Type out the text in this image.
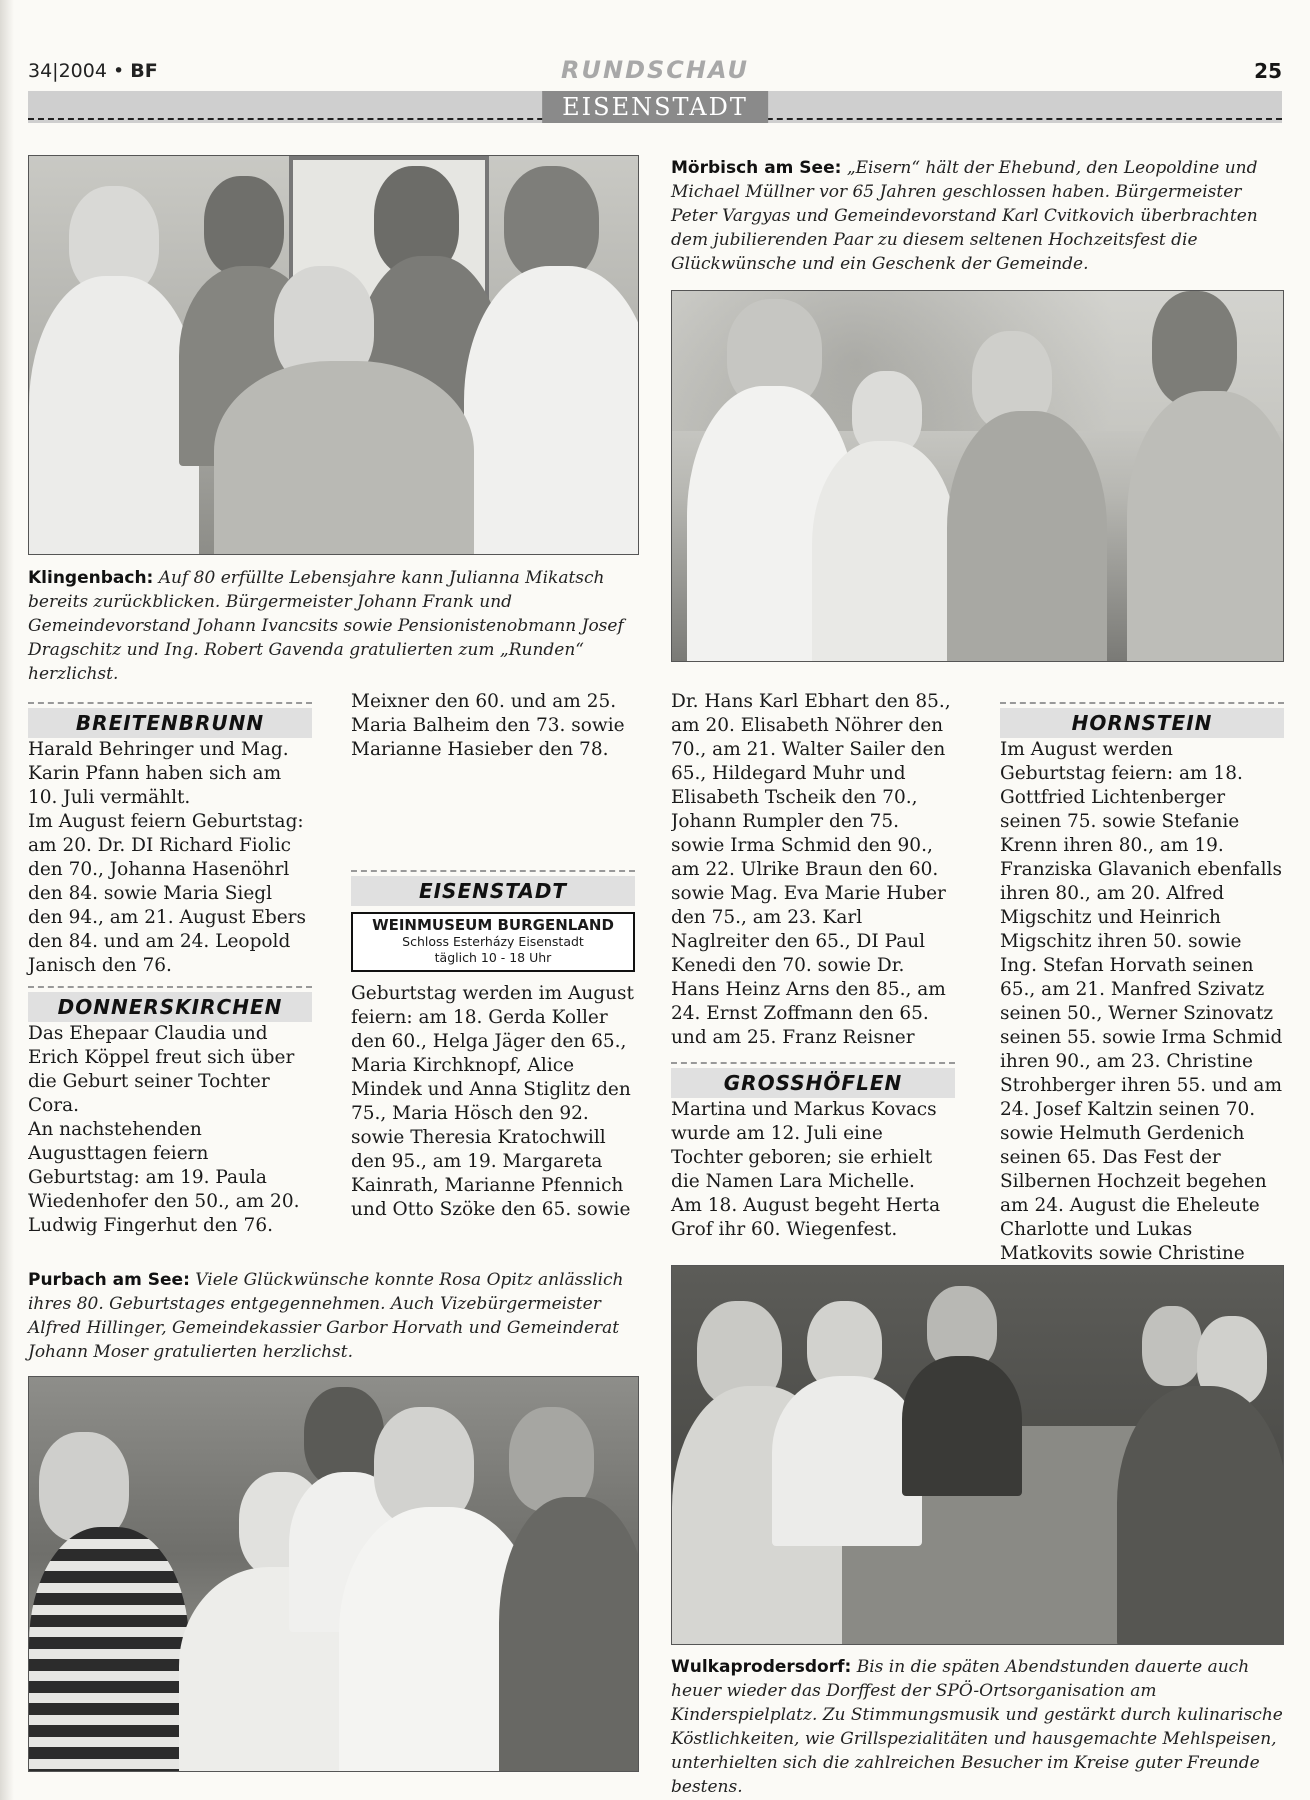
34|2004 • BF	RUNDSCHAU	25
EISENSTADT
Klingenbach: Auf 80 erfüllte Lebensjahre kann Julianna Mikatsch bereits zurückblicken. Bürgermeister Johann Frank und Gemeindevorstand Johann Ivancsits sowie Pensionistenobmann Josef Dragschitz und Ing. Robert Gavenda gratulierten zum „Runden“ herzlichst.
Mörbisch am See: „Eisern“ hält der Ehebund, den Leopoldine und Michael Müllner vor 65 Jahren geschlossen haben. Bürgermeister Peter Vargyas und Gemeindevorstand Karl Cvitkovich überbrachten dem jubilierenden Paar zu diesem seltenen Hochzeitsfest die Glückwünsche und ein Geschenk der Gemeinde.
BREITENBRUNN

Harald Behringer und Mag. Karin Pfann haben sich am 10. Juli vermählt.

Im August feiern Geburtstag: am 20. Dr. DI Richard Fiolic den 70., Johanna Hasenöhrl den 84. sowie Maria Siegl den 94., am 21. August Ebers den 84. und am 24. Leopold Janisch den 76.

DONNERSKIRCHEN

Das Ehepaar Claudia und Erich Köppel freut sich über die Geburt seiner Tochter Cora.

An nachstehenden Augusttagen feiern Geburtstag: am 19. Paula Wiedenhofer den 50., am 20. Ludwig Fingerhut den 76.

Meixner den 60. und am 25. Maria Balheim den 73. sowie Marianne Hasieber den 78.

EISENSTADT
WEINMUSEUM BURGENLAND
Schloss Esterházy Eisenstadt
täglich 10 - 18 Uhr

Geburtstag werden im August feiern: am 18. Gerda Koller den 60., Helga Jäger den 65., Maria Kirchknopf, Alice Mindek und Anna Stiglitz den 75., Maria Hösch den 92. sowie Theresia Kratochwill den 95., am 19. Margareta Kainrath, Marianne Pfennich und Otto Szöke den 65. sowie

Dr. Hans Karl Ebhart den 85., am 20. Elisabeth Nöhrer den 70., am 21. Walter Sailer den 65., Hildegard Muhr und Elisabeth Tscheik den 70., Johann Rumpler den 75. sowie Irma Schmid den 90., am 22. Ulrike Braun den 60. sowie Mag. Eva Marie Huber den 75., am 23. Karl Naglreiter den 65., DI Paul Kenedi den 70. sowie Dr. Hans Heinz Arns den 85., am 24. Ernst Zoffmann den 65. und am 25. Franz Reisner

GROSSHÖFLEN

Martina und Markus Kovacs wurde am 12. Juli eine Tochter geboren; sie erhielt die Namen Lara Michelle.

Am 18. August begeht Herta Grof ihr 60. Wiegenfest.

HORNSTEIN

Im August werden Geburtstag feiern: am 18. Gottfried Lichtenberger seinen 75. sowie Stefanie Krenn ihren 80., am 19. Franziska Glavanich ebenfalls ihren 80., am 20. Alfred Migschitz und Heinrich Migschitz ihren 50. sowie Ing. Stefan Horvath seinen 65., am 21. Manfred Szivatz seinen 50., Werner Szinovatz seinen 55. sowie Irma Schmid ihren 90., am 23. Christine Strohberger ihren 55. und am 24. Josef Kaltzin seinen 70. sowie Helmuth Gerdenich seinen 65. Das Fest der Silbernen Hochzeit begehen am 24. August die Eheleute Charlotte und Lukas Matkovits sowie Christine

Purbach am See: Viele Glückwünsche konnte Rosa Opitz anlässlich ihres 80. Geburtstages entgegennehmen. Auch Vizebürgermeister Alfred Hillinger, Gemeindekassier Garbor Horvath und Gemeinderat Johann Moser gratulierten herzlichst.
Wulkaprodersdorf: Bis in die späten Abendstunden dauerte auch heuer wieder das Dorffest der SPÖ-Ortsorganisation am Kinderspielplatz. Zu Stimmungsmusik und gestärkt durch kulinarische Köstlichkeiten, wie Grillspezialitäten und hausgemachte Mehlspeisen, unterhielten sich die zahlreichen Besucher im Kreise guter Freunde bestens.
